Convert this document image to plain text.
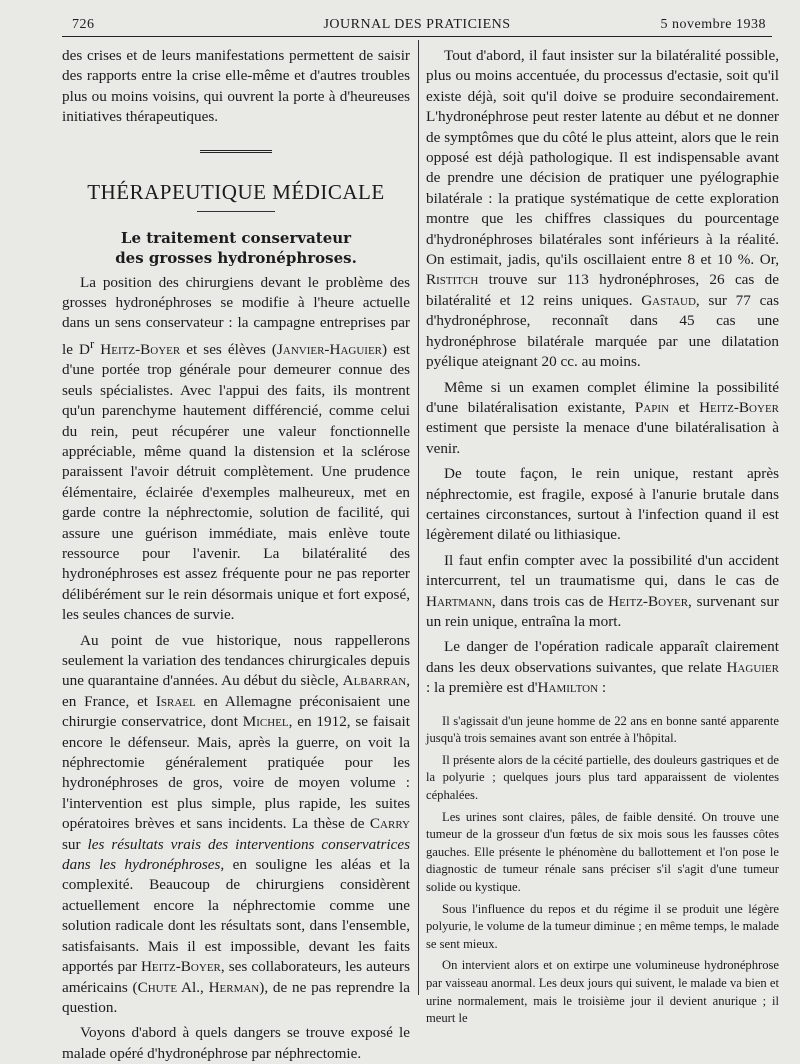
726	JOURNAL DES PRATICIENS	5 novembre 1938

des crises et de leurs manifestations permettent de saisir des rapports entre la crise elle-même et d'autres troubles plus ou moins voisins, qui ouvrent la porte à d'heureuses initiatives thérapeutiques.

THÉRAPEUTIQUE MÉDICALE
Le traitement conservateur
des grosses hydronéphroses.

La position des chirurgiens devant le problème des grosses hydronéphroses se modifie à l'heure actuelle dans un sens conservateur : la campagne entreprises par le $D^r$ Heitz-Boyer et ses élèves (Janvier-Haguier) est d'une portée trop générale pour demeurer connue des seuls spécialistes. Avec l'appui des faits, ils montrent qu'un parenchyme hautement différencié, comme celui du rein, peut récupérer une valeur fonctionnelle appréciable, même quand la distension et la sclérose paraissent l'avoir détruit complètement. Une prudence élémentaire, éclairée d'exemples malheureux, met en garde contre la néphrectomie, solution de facilité, qui assure une guérison immédiate, mais enlève toute ressource pour l'avenir. La bilatéralité des hydronéphroses est assez fréquente pour ne pas reporter délibérément sur le rein désormais unique et fort exposé, les seules chances de survie.

Au point de vue historique, nous rappellerons seulement la variation des tendances chirurgicales depuis une quarantaine d'années. Au début du siècle, Albarran, en France, et Israel en Allemagne préconisaient une chirurgie conservatrice, dont Michel, en 1912, se faisait encore le défenseur. Mais, après la guerre, on voit la néphrectomie généralement pratiquée pour les hydronéphroses de gros, voire de moyen volume : l'intervention est plus simple, plus rapide, les suites opératoires brèves et sans incidents. La thèse de Carry sur les résultats vrais des interventions conservatrices dans les hydronéphroses, en souligne les aléas et la complexité. Beaucoup de chirurgiens considèrent actuellement encore la néphrectomie comme une solution radicale dont les résultats sont, dans l'ensemble, satisfaisants. Mais il est impossible, devant les faits apportés par Heitz-Boyer, ses collaborateurs, les auteurs américains (Chute Al., Herman), de ne pas reprendre la question.

Voyons d'abord à quels dangers se trouve exposé le malade opéré d'hydronéphrose par néphrectomie.

Tout d'abord, il faut insister sur la bilatéralité possible, plus ou moins accentuée, du processus d'ectasie, soit qu'il existe déjà, soit qu'il doive se produire secondairement. L'hydronéphrose peut rester latente au début et ne donner de symptômes que du côté le plus atteint, alors que le rein opposé est déjà pathologique. Il est indispensable avant de prendre une décision de pratiquer une pyélographie bilatérale : la pratique systématique de cette exploration montre que les chiffres classiques du pourcentage d'hydronéphroses bilatérales sont inférieurs à la réalité. On estimait, jadis, qu'ils oscillaient entre 8 et 10 %. Or, Ristitch trouve sur 113 hydronéphroses, 26 cas de bilatéralité et 12 reins uniques. Gastaud, sur 77 cas d'hydronéphrose, reconnaît dans 45 cas une hydronéphrose bilatérale marquée par une dilatation pyélique ateignant 20 cc. au moins.

Même si un examen complet élimine la possibilité d'une bilatéralisation existante, Papin et Heitz-Boyer estiment que persiste la menace d'une bilatéralisation à venir.

De toute façon, le rein unique, restant après néphrectomie, est fragile, exposé à l'anurie brutale dans certaines circonstances, surtout à l'infection quand il est légèrement dilaté ou lithiasique.

Il faut enfin compter avec la possibilité d'un accident intercurrent, tel un traumatisme qui, dans le cas de Hartmann, dans trois cas de Heitz-Boyer, survenant sur un rein unique, entraîna la mort.

Le danger de l'opération radicale apparaît clairement dans les deux observations suivantes, que relate Haguier : la première est d'Hamilton :

Il s'agissait d'un jeune homme de 22 ans en bonne santé apparente jusqu'à trois semaines avant son entrée à l'hôpital.

Il présente alors de la cécité partielle, des douleurs gastriques et de la polyurie ; quelques jours plus tard apparaissent de violentes céphalées.

Les urines sont claires, pâles, de faible densité. On trouve une tumeur de la grosseur d'un fœtus de six mois sous les fausses côtes gauches. Elle présente le phénomène du ballottement et l'on pose le diagnostic de tumeur rénale sans préciser s'il s'agit d'une tumeur solide ou kystique.

Sous l'influence du repos et du régime il se produit une légère polyurie, le volume de la tumeur diminue ; en même temps, le malade se sent mieux.

On intervient alors et on extirpe une volumineuse hydronéphrose par vaisseau anormal. Les deux jours qui suivent, le malade va bien et urine normalement, mais le troisième jour il devient anurique ; il meurt le
